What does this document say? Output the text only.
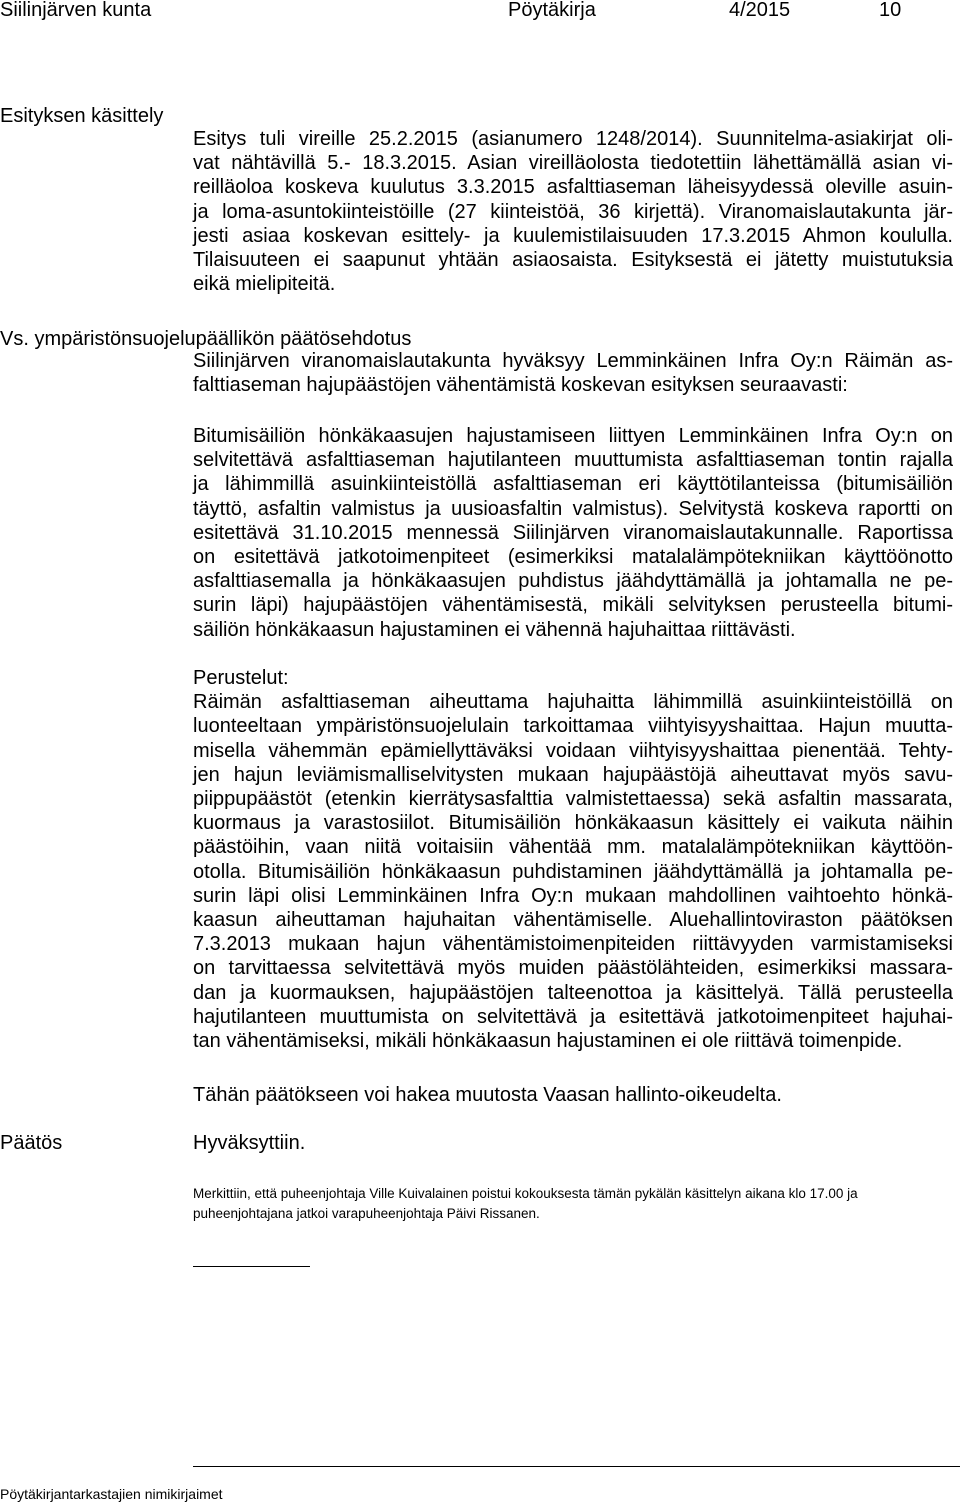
Siilinjärven kunta	Pöytäkirja	4/2015	10
Esityksen käsittely
Esitys tuli vireille 25.2.2015 (asianumero 1248/2014). Suunnitelma-asiakirjat oli-
vat nähtävillä 5.- 18.3.2015. Asian vireilläolosta tiedotettiin lähettämällä asian vi-
reilläoloa koskeva kuulutus 3.3.2015 asfalttiaseman läheisyydessä oleville asuin-
ja loma-asuntokiinteistöille (27 kiinteistöä, 36 kirjettä). Viranomaislautakunta jär-
jesti asiaa koskevan esittely- ja kuulemistilaisuuden 17.3.2015 Ahmon koululla.
Tilaisuuteen ei saapunut yhtään asiaosaista. Esityksestä ei jätetty muistutuksia
eikä mielipiteitä.
Vs. ympäristönsuojelupäällikön päätösehdotus
Siilinjärven viranomaislautakunta hyväksyy Lemminkäinen Infra Oy:n Räimän as-
falttiaseman hajupäästöjen vähentämistä koskevan esityksen seuraavasti:
Bitumisäiliön hönkäkaasujen hajustamiseen liittyen Lemminkäinen Infra Oy:n on
selvitettävä asfalttiaseman hajutilanteen muuttumista asfalttiaseman tontin rajalla
ja lähimmillä asuinkiinteistöllä asfalttiaseman eri käyttötilanteissa (bitumisäiliön
täyttö, asfaltin valmistus ja uusioasfaltin valmistus). Selvitystä koskeva raportti on
esitettävä 31.10.2015 mennessä Siilinjärven viranomaislautakunnalle. Raportissa
on esitettävä jatkotoimenpiteet (esimerkiksi matalalämpötekniikan käyttöönotto
asfalttiasemalla ja hönkäkaasujen puhdistus jäähdyttämällä ja johtamalla ne pe-
surin läpi) hajupäästöjen vähentämisestä, mikäli selvityksen perusteella bitumi-
säiliön hönkäkaasun hajustaminen ei vähennä hajuhaittaa riittävästi.
Perustelut:
Räimän asfalttiaseman aiheuttama hajuhaitta lähimmillä asuinkiinteistöillä on
luonteeltaan ympäristönsuojelulain tarkoittamaa viihtyisyyshaittaa. Hajun muutta-
misella vähemmän epämiellyttäväksi voidaan viihtyisyyshaittaa pienentää. Tehty-
jen hajun leviämismalliselvitysten mukaan hajupäästöjä aiheuttavat myös savu-
piippupäästöt (etenkin kierrätysasfalttia valmistettaessa) sekä asfaltin massarata,
kuormaus ja varastosiilot. Bitumisäiliön hönkäkaasun käsittely ei vaikuta näihin
päästöihin, vaan niitä voitaisiin vähentää mm. matalalämpötekniikan käyttöön-
otolla. Bitumisäiliön hönkäkaasun puhdistaminen jäähdyttämällä ja johtamalla pe-
surin läpi olisi Lemminkäinen Infra Oy:n mukaan mahdollinen vaihtoehto hönkä-
kaasun aiheuttaman hajuhaitan vähentämiselle. Aluehallintoviraston päätöksen
7.3.2013 mukaan hajun vähentämistoimenpiteiden riittävyyden varmistamiseksi
on tarvittaessa selvitettävä myös muiden päästölähteiden, esimerkiksi massara-
dan ja kuormauksen, hajupäästöjen talteenottoa ja käsittelyä. Tällä perusteella
hajutilanteen muuttumista on selvitettävä ja esitettävä jatkotoimenpiteet hajuhai-
tan vähentämiseksi, mikäli hönkäkaasun hajustaminen ei ole riittävä toimenpide.
Tähän päätökseen voi hakea muutosta Vaasan hallinto-oikeudelta.
Päätös	Hyväksyttiin.
Merkittiin, että puheenjohtaja Ville Kuivalainen poistui kokouksesta tämän pykälän käsittelyn aikana klo 17.00 ja
puheenjohtajana jatkoi varapuheenjohtaja Päivi Rissanen.
Pöytäkirjantarkastajien nimikirjaimet
